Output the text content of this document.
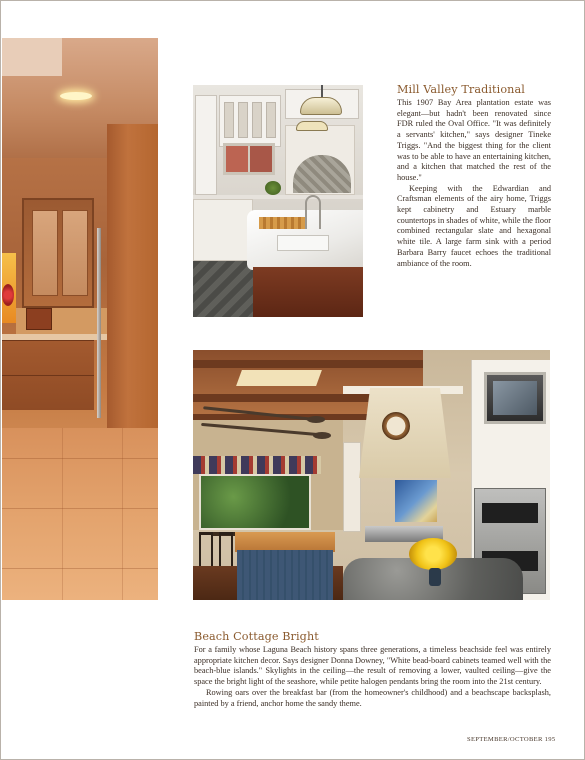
Mill Valley Traditional

This 1907 Bay Area plantation estate was elegant—but hadn't been renovated since FDR ruled the Oval Office. "It was definitely a servants' kitchen," says designer Tineke Triggs. "And the biggest thing for the client was to be able to have an entertaining kitchen, and a kitchen that matched the rest of the house."

Keeping with the Edwardian and Craftsman elements of the airy home, Triggs kept cabinetry and Estuary marble countertops in shades of white, while the floor combined rectangular slate and hexagonal white tile. A large farm sink with a period Barbara Barry faucet echoes the traditional ambiance of the room.

Beach Cottage Bright

For a family whose Laguna Beach history spans three generations, a timeless beachside feel was entirely appropriate kitchen decor. Says designer Donna Downey, "White bead-board cabinets teamed well with the beach-blue islands." Skylights in the ceiling—the result of removing a lower, vaulted ceiling—give the space the bright light of the seashore, while petite halogen pendants bring the room into the 21st century.

Rowing oars over the breakfast bar (from the homeowner's childhood) and a beachscape backsplash, painted by a friend, anchor home the sandy theme.

SEPTEMBER/OCTOBER 195
